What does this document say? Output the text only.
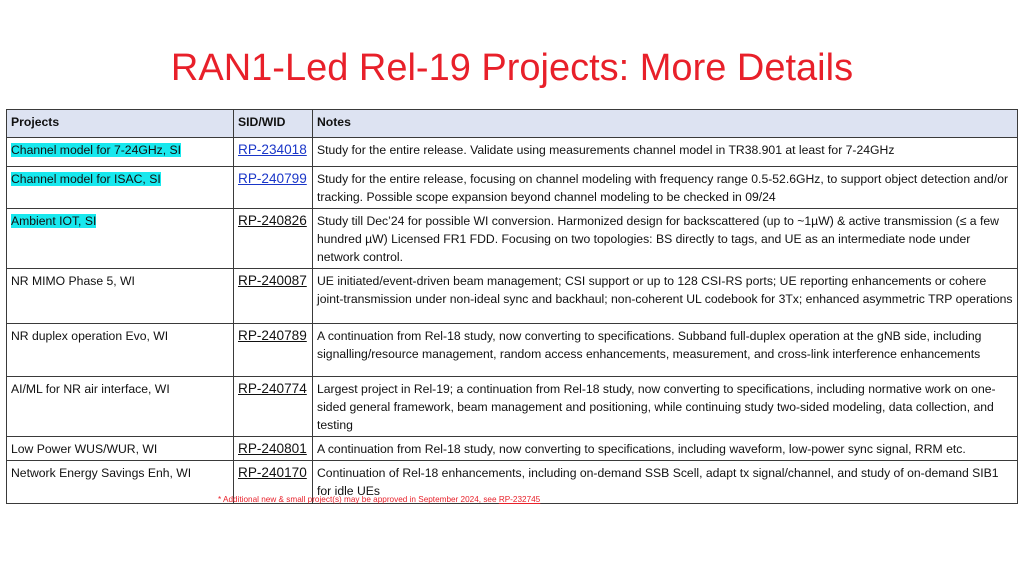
RAN1-Led Rel-19 Projects: More Details
Projects	SID/WID	Notes
Channel model for 7-24GHz, SI	RP-234018	Study for the entire release. Validate using measurements channel model in TR38.901 at least for 7-24GHz
Channel model for ISAC, SI	RP-240799	Study for the entire release, focusing on channel modeling with frequency range 0.5-52.6GHz, to support object detection and/or tracking. Possible scope expansion beyond channel modeling to be checked in 09/24
Ambient IOT, SI	RP-240826	Study till Dec’24 for possible WI conversion. Harmonized design for backscattered (up to ~1µW) & active transmission (≤ a few hundred µW) Licensed FR1 FDD. Focusing on two topologies: BS directly to tags, and UE as an intermediate node under network control.
NR MIMO Phase 5, WI	RP-240087	UE initiated/event-driven beam management; CSI support or up to 128 CSI-RS ports; UE reporting enhancements or cohere joint-transmission under non-ideal sync and backhaul; non-coherent UL codebook for 3Tx; enhanced asymmetric TRP operations
NR duplex operation Evo, WI	RP-240789	A continuation from Rel-18 study, now converting to specifications. Subband full-duplex operation at the gNB side, including signalling/resource management, random access enhancements, measurement, and cross-link interference enhancements
AI/ML for NR air interface, WI	RP-240774	Largest project in Rel-19; a continuation from Rel-18 study, now converting to specifications, including normative work on one-sided general framework, beam management and positioning, while continuing study two-sided modeling, data collection, and testing
Low Power WUS/WUR, WI	RP-240801	A continuation from Rel-18 study, now converting to specifications, including waveform, low-power sync signal, RRM etc.
Network Energy Savings Enh, WI	RP-240170	Continuation of Rel-18 enhancements, including on-demand SSB Scell, adapt tx signal/channel, and study of on-demand SIB1 for idle UEs
* Additional new & small project(s) may be approved in September 2024, see RP-232745
